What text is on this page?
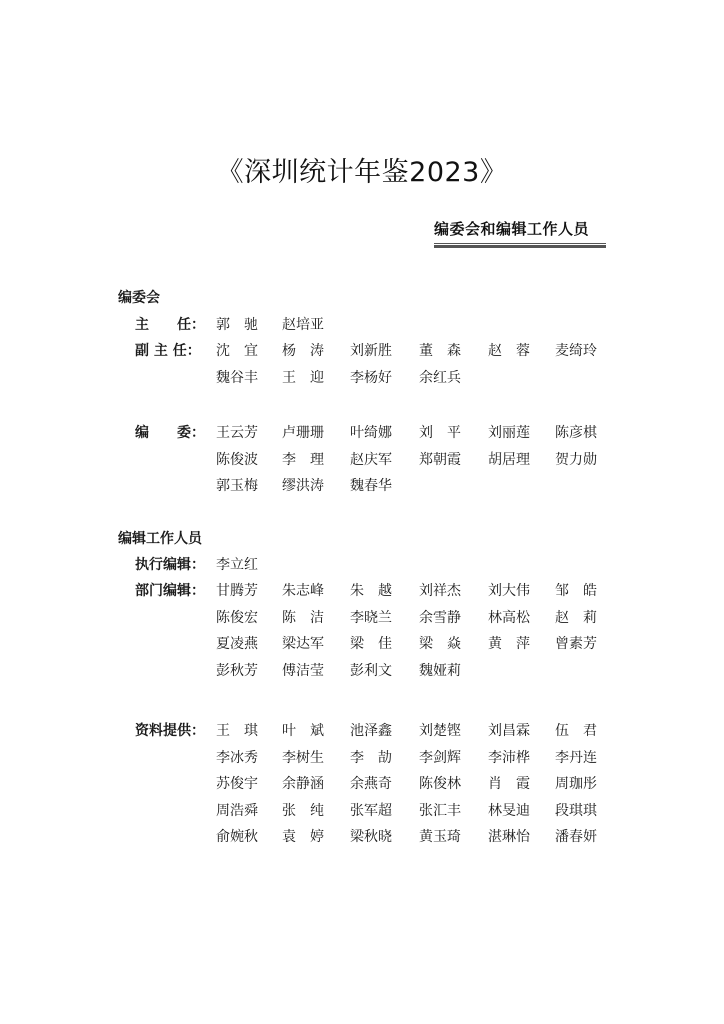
《深圳统计年鉴2023》
编委会和编辑工作人员
编委会
主　　任： 郭　驰 赵培亚
副 主 任：	沈　宜 杨　涛 刘新胜 董　森 赵　蓉 麦绮玲
魏谷丰 王　迎 李杨好 余红兵
编　　委： 王云芳 卢珊珊 叶绮娜 刘　平 刘丽莲 陈彦棋
陈俊波 李　理 赵庆军 郑朝霞 胡居理 贺力勋
郭玉梅 缪洪涛 魏春华
编辑工作人员
执行编辑： 李立红
部门编辑： 甘腾芳 朱志峰 朱　越 刘祥杰 刘大伟 邹　皓
陈俊宏 陈　洁 李晓兰 余雪静 林高松 赵　莉
夏凌燕 梁达军 梁　佳 梁　焱 黄　萍 曾素芳
彭秋芳 傅洁莹 彭利文 魏娅莉
资料提供： 王　琪 叶　斌 池泽鑫 刘楚铿 刘昌霖 伍　君
李冰秀 李树生 李　劼 李剑辉 李沛桦 李丹连
苏俊宇 余静涵 余燕奇 陈俊林 肖　霞 周珈彤
周浩舜 张　纯 张军超 张汇丰 林旻迪 段琪琪
俞婉秋 袁　婷 梁秋晓 黄玉琦 湛琳怡 潘春妍
